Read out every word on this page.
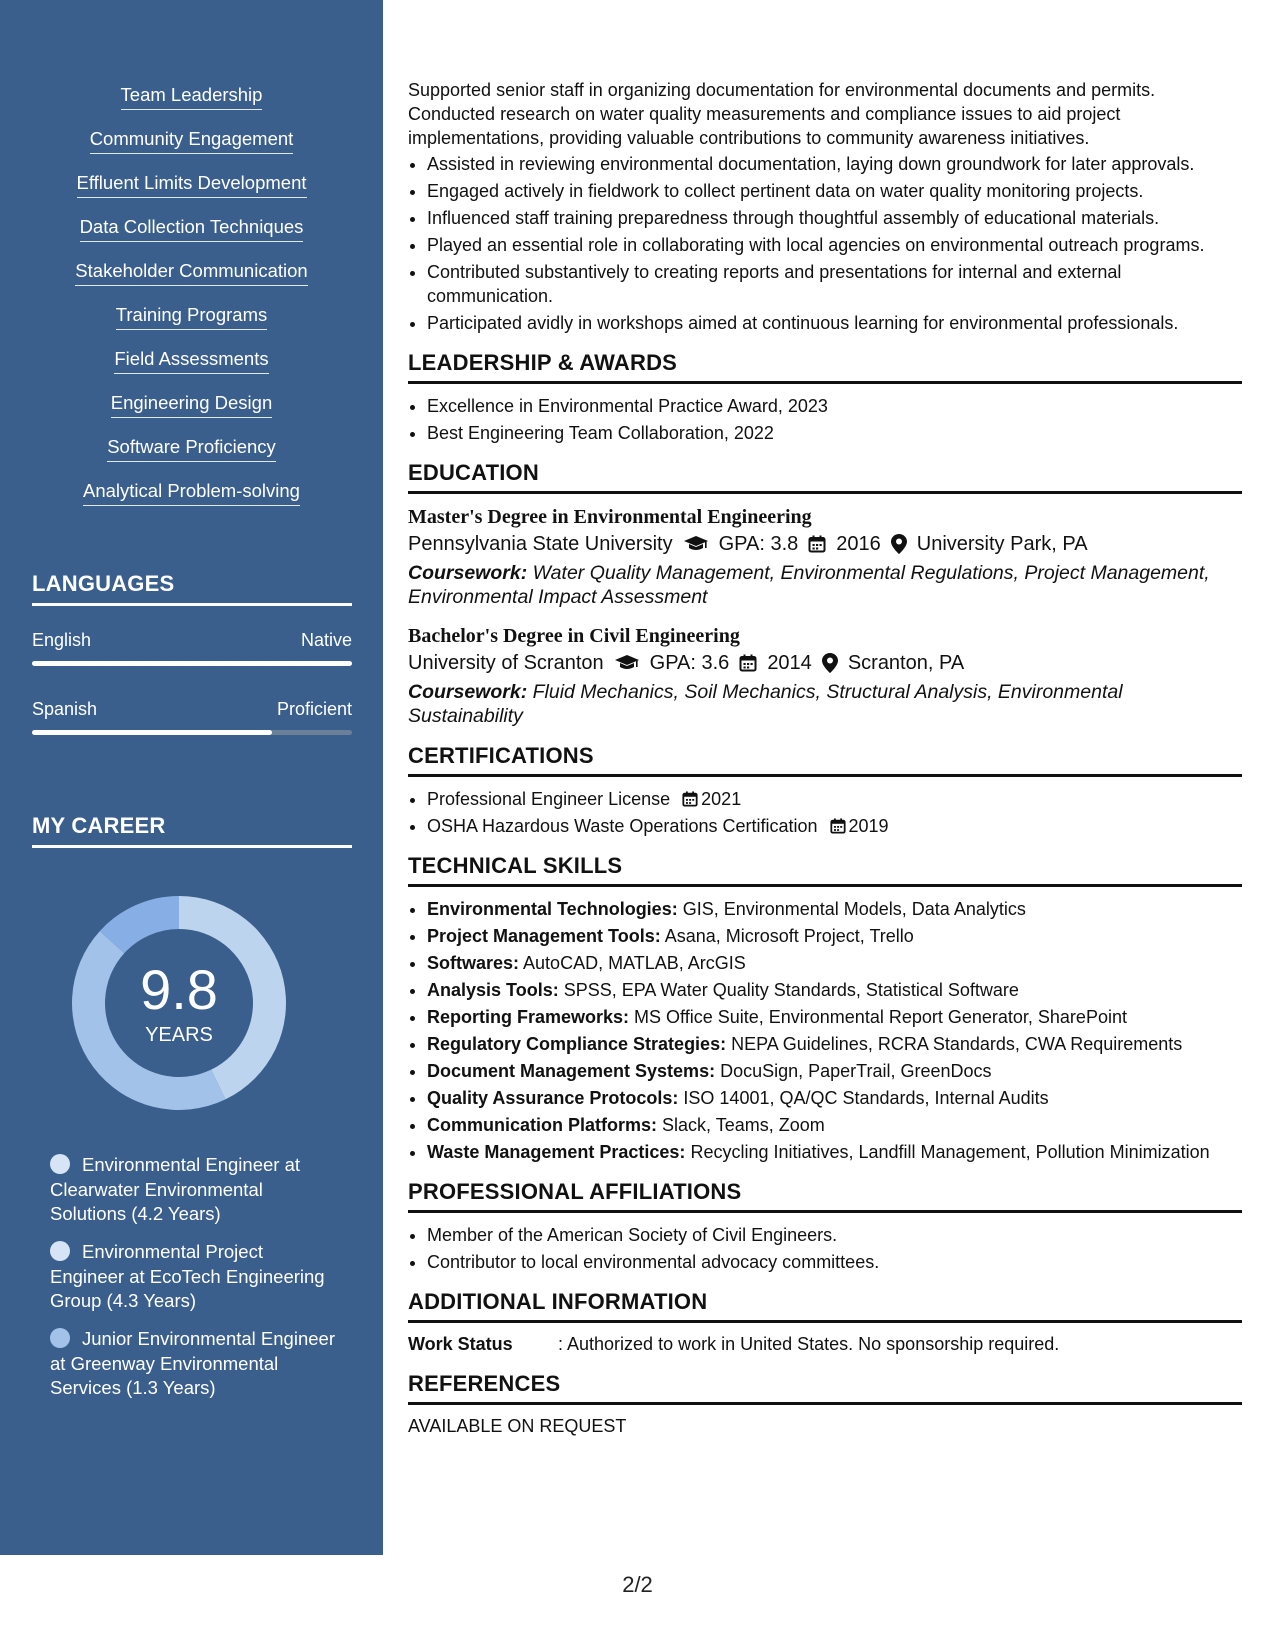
Team Leadership
Community Engagement
Effluent Limits Development
Data Collection Techniques
Stakeholder Communication
Training Programs
Field Assessments
Engineering Design
Software Proficiency
Analytical Problem-solving
LANGUAGES
English	Native
Spanish	Proficient
MY CAREER
9.8
YEARS
Environmental Engineer at Clearwater Environmental Solutions (4.2 Years)
Environmental Project Engineer at EcoTech Engineering Group (4.3 Years)
Junior Environmental Engineer at Greenway Environmental Services (1.3 Years)

Supported senior staff in organizing documentation for environmental documents and permits. Conducted research on water quality measurements and compliance issues to aid project implementations, providing valuable contributions to community awareness initiatives.

• Assisted in reviewing environmental documentation, laying down groundwork for later approvals.
• Engaged actively in fieldwork to collect pertinent data on water quality monitoring projects.
• Influenced staff training preparedness through thoughtful assembly of educational materials.
• Played an essential role in collaborating with local agencies on environmental outreach programs.
• Contributed substantively to creating reports and presentations for internal and external communication.
• Participated avidly in workshops aimed at continuous learning for environmental professionals.
LEADERSHIP & AWARDS
• Excellence in Environmental Practice Award, 2023
• Best Engineering Team Collaboration, 2022
EDUCATION
Master's Degree in Environmental Engineering
Pennsylvania State University GPA: 3.8 2016 University Park, PA
Coursework: Water Quality Management, Environmental Regulations, Project Management, Environmental Impact Assessment
Bachelor's Degree in Civil Engineering
University of Scranton GPA: 3.6 2014 Scranton, PA
Coursework: Fluid Mechanics, Soil Mechanics, Structural Analysis, Environmental Sustainability
CERTIFICATIONS
• Professional Engineer License 2021
• OSHA Hazardous Waste Operations Certification 2019
TECHNICAL SKILLS
• Environmental Technologies: GIS, Environmental Models, Data Analytics
• Project Management Tools: Asana, Microsoft Project, Trello
• Softwares: AutoCAD, MATLAB, ArcGIS
• Analysis Tools: SPSS, EPA Water Quality Standards, Statistical Software
• Reporting Frameworks: MS Office Suite, Environmental Report Generator, SharePoint
• Regulatory Compliance Strategies: NEPA Guidelines, RCRA Standards, CWA Requirements
• Document Management Systems: DocuSign, PaperTrail, GreenDocs
• Quality Assurance Protocols: ISO 14001, QA/QC Standards, Internal Audits
• Communication Platforms: Slack, Teams, Zoom
• Waste Management Practices: Recycling Initiatives, Landfill Management, Pollution Minimization
PROFESSIONAL AFFILIATIONS
• Member of the American Society of Civil Engineers.
• Contributor to local environmental advocacy committees.
ADDITIONAL INFORMATION
Work Status	: Authorized to work in United States. No sponsorship required.
REFERENCES
AVAILABLE ON REQUEST
2/2
